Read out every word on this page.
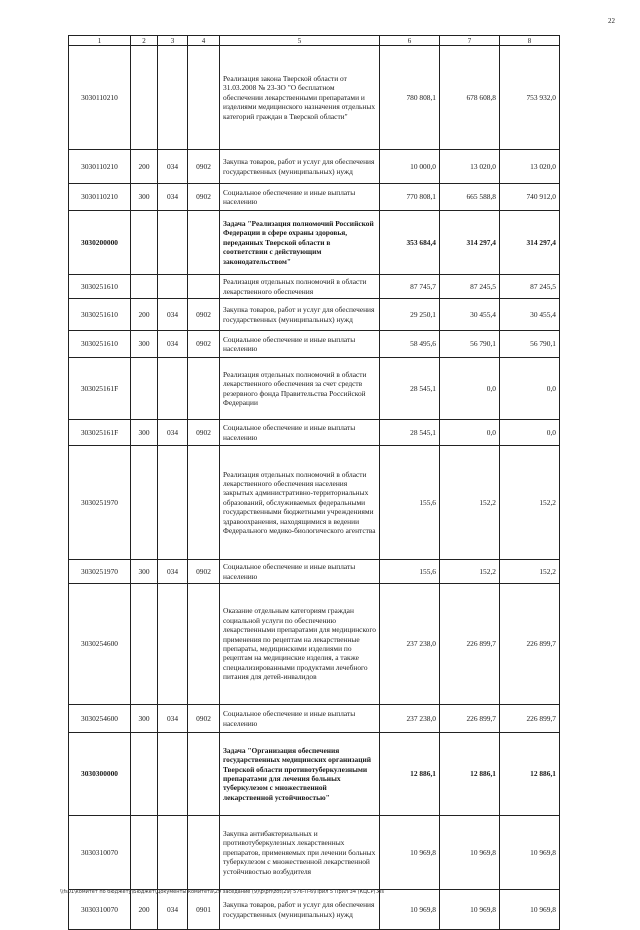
22
1	2	3	4	5	6	7	8
3030110210				Реализация закона Тверской области от 31.03.2008 № 23-ЗО "О бесплатном обеспечении лекарственными препаратами и изделиями медицинского назначения отдельных категорий граждан в Тверской области"	780 808,1	678 608,8	753 932,0
3030110210	200	034	0902	Закупка товаров, работ и услуг для обеспечения государственных (муниципальных) нужд	10 000,0	13 020,0	13 020,0
3030110210	300	034	0902	Социальное обеспечение и иные выплаты населению	770 808,1	665 588,8	740 912,0
3030200000				Задача "Реализация полномочий Российской Федерации в сфере охраны здоровья, переданных Тверской области в соответствии с действующим законодательством"	353 684,4	314 297,4	314 297,4
3030251610				Реализация отдельных полномочий в области лекарственного обеспечения	87 745,7	87 245,5	87 245,5
3030251610	200	034	0902	Закупка товаров, работ и услуг для обеспечения государственных (муниципальных) нужд	29 250,1	30 455,4	30 455,4
3030251610	300	034	0902	Социальное обеспечение и иные выплаты населению	58 495,6	56 790,1	56 790,1
303025161F				Реализация отдельных полномочий в области лекарственного обеспечения за счет средств резервного фонда Правительства Российской Федерации	28 545,1	0,0	0,0
303025161F	300	034	0902	Социальное обеспечение и иные выплаты населению	28 545,1	0,0	0,0
3030251970				Реализация отдельных полномочий в области лекарственного обеспечения населения закрытых административно-территориальных образований, обслуживаемых федеральными государственными бюджетными учреждениями здравоохранения, находящимися в ведении Федерального медико-биологического агентства	155,6	152,2	152,2
3030251970	300	034	0902	Социальное обеспечение и иные выплаты населению	155,6	152,2	152,2
3030254600				Оказание отдельным категориям граждан социальной услуги по обеспечению лекарственными препаратами для медицинского применения по рецептам на лекарственные препараты, медицинскими изделиями по рецептам на медицинские изделия, а также специализированными продуктами лечебного питания для детей-инвалидов	237 238,0	226 899,7	226 899,7
3030254600	300	034	0902	Социальное обеспечение и иные выплаты населению	237 238,0	226 899,7	226 899,7
3030300000				Задача "Организация обеспечения государственных медицинских организаций Тверской области противотуберкулезными препаратами для лечения больных туберкулезом с множественной лекарственной устойчивостью"	12 886,1	12 886,1	12 886,1
3030310070				Закупка антибактериальных и противотуберкулезных лекарственных препаратов, применяемых при лечении больных туберкулезом с множественной лекарственной устойчивостью возбудителя	10 969,8	10 969,8	10 969,8
3030310070	200	034	0901	Закупка товаров, работ и услуг для обеспечения государственных (муниципальных) нужд	10 969,8	10 969,8	10 969,8
\\fs01\комитет по бюджету\Бюджет\Документы комитета\29 заседание (9)\p\рп\zot(29) 576-П-6\Прил 5 Прил 34 (КЦСР).xls
